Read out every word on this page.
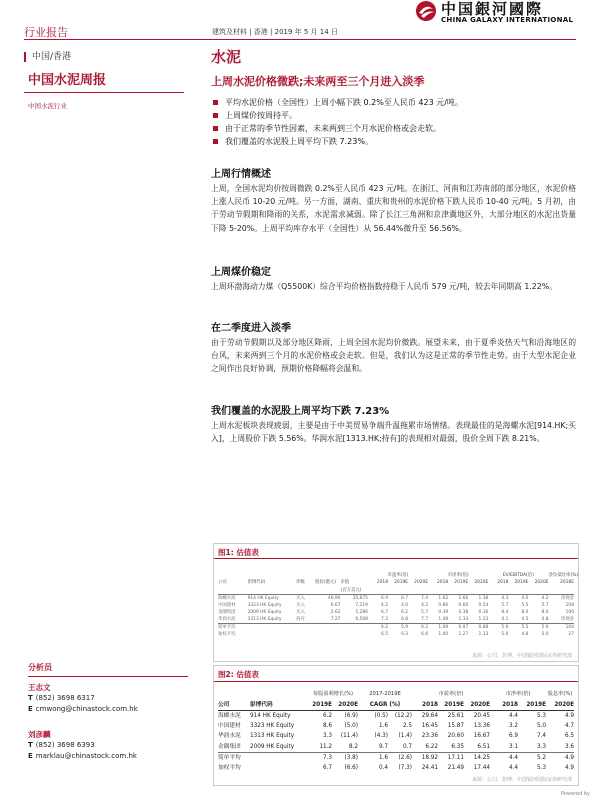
中国銀河國際
CHINA GALAXY INTERNATIONAL
行业报告	建筑及材料 | 香港 | 2019 年 5 月 14 日
中国/香港
中国水泥周报
中国水泥行业
水泥
上周水泥价格微跌;未来两至三个月进入淡季
平均水泥价格（全国性）上周小幅下跌 0.2%至人民币 423 元/吨。
上周煤价按周持平。
由于正常的季节性因素，未来两到三个月水泥价格或会走软。
我们覆盖的水泥股上周平均下跌 7.23%。
上周行情概述
上周，全国水泥均价按周微跌 0.2%至人民币 423 元/吨。在浙江、河南和江苏南部的部分地区，水泥价格上涨人民币 10-20 元/吨。另一方面，湖南、重庆和贵州的水泥价格下跌人民币 10-40 元/吨。5 月初，由于劳动节假期和降雨的关系，水泥需求减弱。除了长江三角洲和京津冀地区外，大部分地区的水泥出货量下降 5-20%。上周平均库存水平（全国性）从 56.44%微升至 56.56%。
上周煤价稳定
上周环渤海动力煤（Q5500K）综合平均价格指数持稳于人民币 579 元/吨，较去年同期高 1.22%。
在二季度进入淡季
由于劳动节假期以及部分地区降雨，上周全国水泥均价微跌。展望未来，由于夏季炎热天气和沿海地区的台风，未来两到三个月的水泥价格或会走软。但是，我们认为这是正常的季节性走势。由于大型水泥企业之间作出良好协调，预期价格降幅将会温和。
我们覆盖的水泥股上周平均下跌 7.23%
上周水泥板块表现疲弱，主要是由于中美贸易争端升温拖累市场情绪。表现最佳的是海螺水泥[914.HK;买入]，上周股价下跌 5.56%。华润水泥[1313.HK;持有]的表现相对最弱，股价全周下跌 8.21%。
图1: 估值表
					市盈率(倍)			市净率(倍)			EV/EBITDA(倍)			净负债比率(%)
公司	彭博代码	评级	股价(港元)	市值	2018	2019E	2020E	2018	2019E	2020E	2018	2019E	2020E	2018E
				(百万美元)										
海螺水泥	914 HK Equity	买入	46.90	35,875	6.9	6.7	7.0	1.62	1.66	1.38	4.3	4.0	4.2	净现金
中国建材	3323 HK Equity	买入	6.67	7,219	4.2	4.0	4.2	0.86	0.60	0.54	5.7	5.5	5.7	108
金隅集团	2009 HK Equity	买入	2.62	5,286	6.7	6.2	5.7	0.39	0.38	0.36	8.4	8.0	8.0	100
华润水泥	1313 HK Equity	持有	7.27	6,508	7.3	6.8	7.7	1.48	1.33	1.23	4.1	4.5	4.8	净现金
简单平均					6.2	5.9	6.2	1.09	0.97	0.88	5.6	5.5	5.6	104
加权平均					6.5	6.3	6.6	1.40	1.27	1.13	5.0	4.8	5.0	27
来源：公司、彭博、中国银河国际证券研究部
图2: 估值表
		每股盈利增长(%)		2017-2019E		市盈率(倍)			市净率(倍)		股息率(%)
公司	彭博代码	2019E	2020E	CAGR (%)		2018	2019E	2020E	2018	2019E	2020E
海螺水泥	914 HK Equity	6.2	(6.9)	(0.5)	(12.2)	29.64	25.61	20.45	4.4	5.3	4.9
中国建材	3323 HK Equity	8.6	(5.0)	1.6	2.5	16.45	15.87	13.36	3.2	5.0	4.7
华润水泥	1313 HK Equity	3.3	(11.4)	(4.3)	(1.4)	23.36	20.60	16.67	6.9	7.4	6.5
金隅集团	2009 HK Equity	11.2	8.2	9.7	0.7	6.22	6.35	6.51	3.1	3.3	3.6
简单平均		7.3	(3.8)	1.6	(2.6)	18.92	17.11	14.25	4.4	5.2	4.9
加权平均		6.7	(6.6)	0.4	(7.3)	24.41	21.49	17.44	4.4	5.3	4.9
来源：公司、彭博、中国银河国际证券研究部
分析员
王志文
T (852) 3698 6317
E cmwong@chinastock.com.hk
刘彦麟
T (852) 3698 6393
E marklau@chinastock.com.hk
Powered by
